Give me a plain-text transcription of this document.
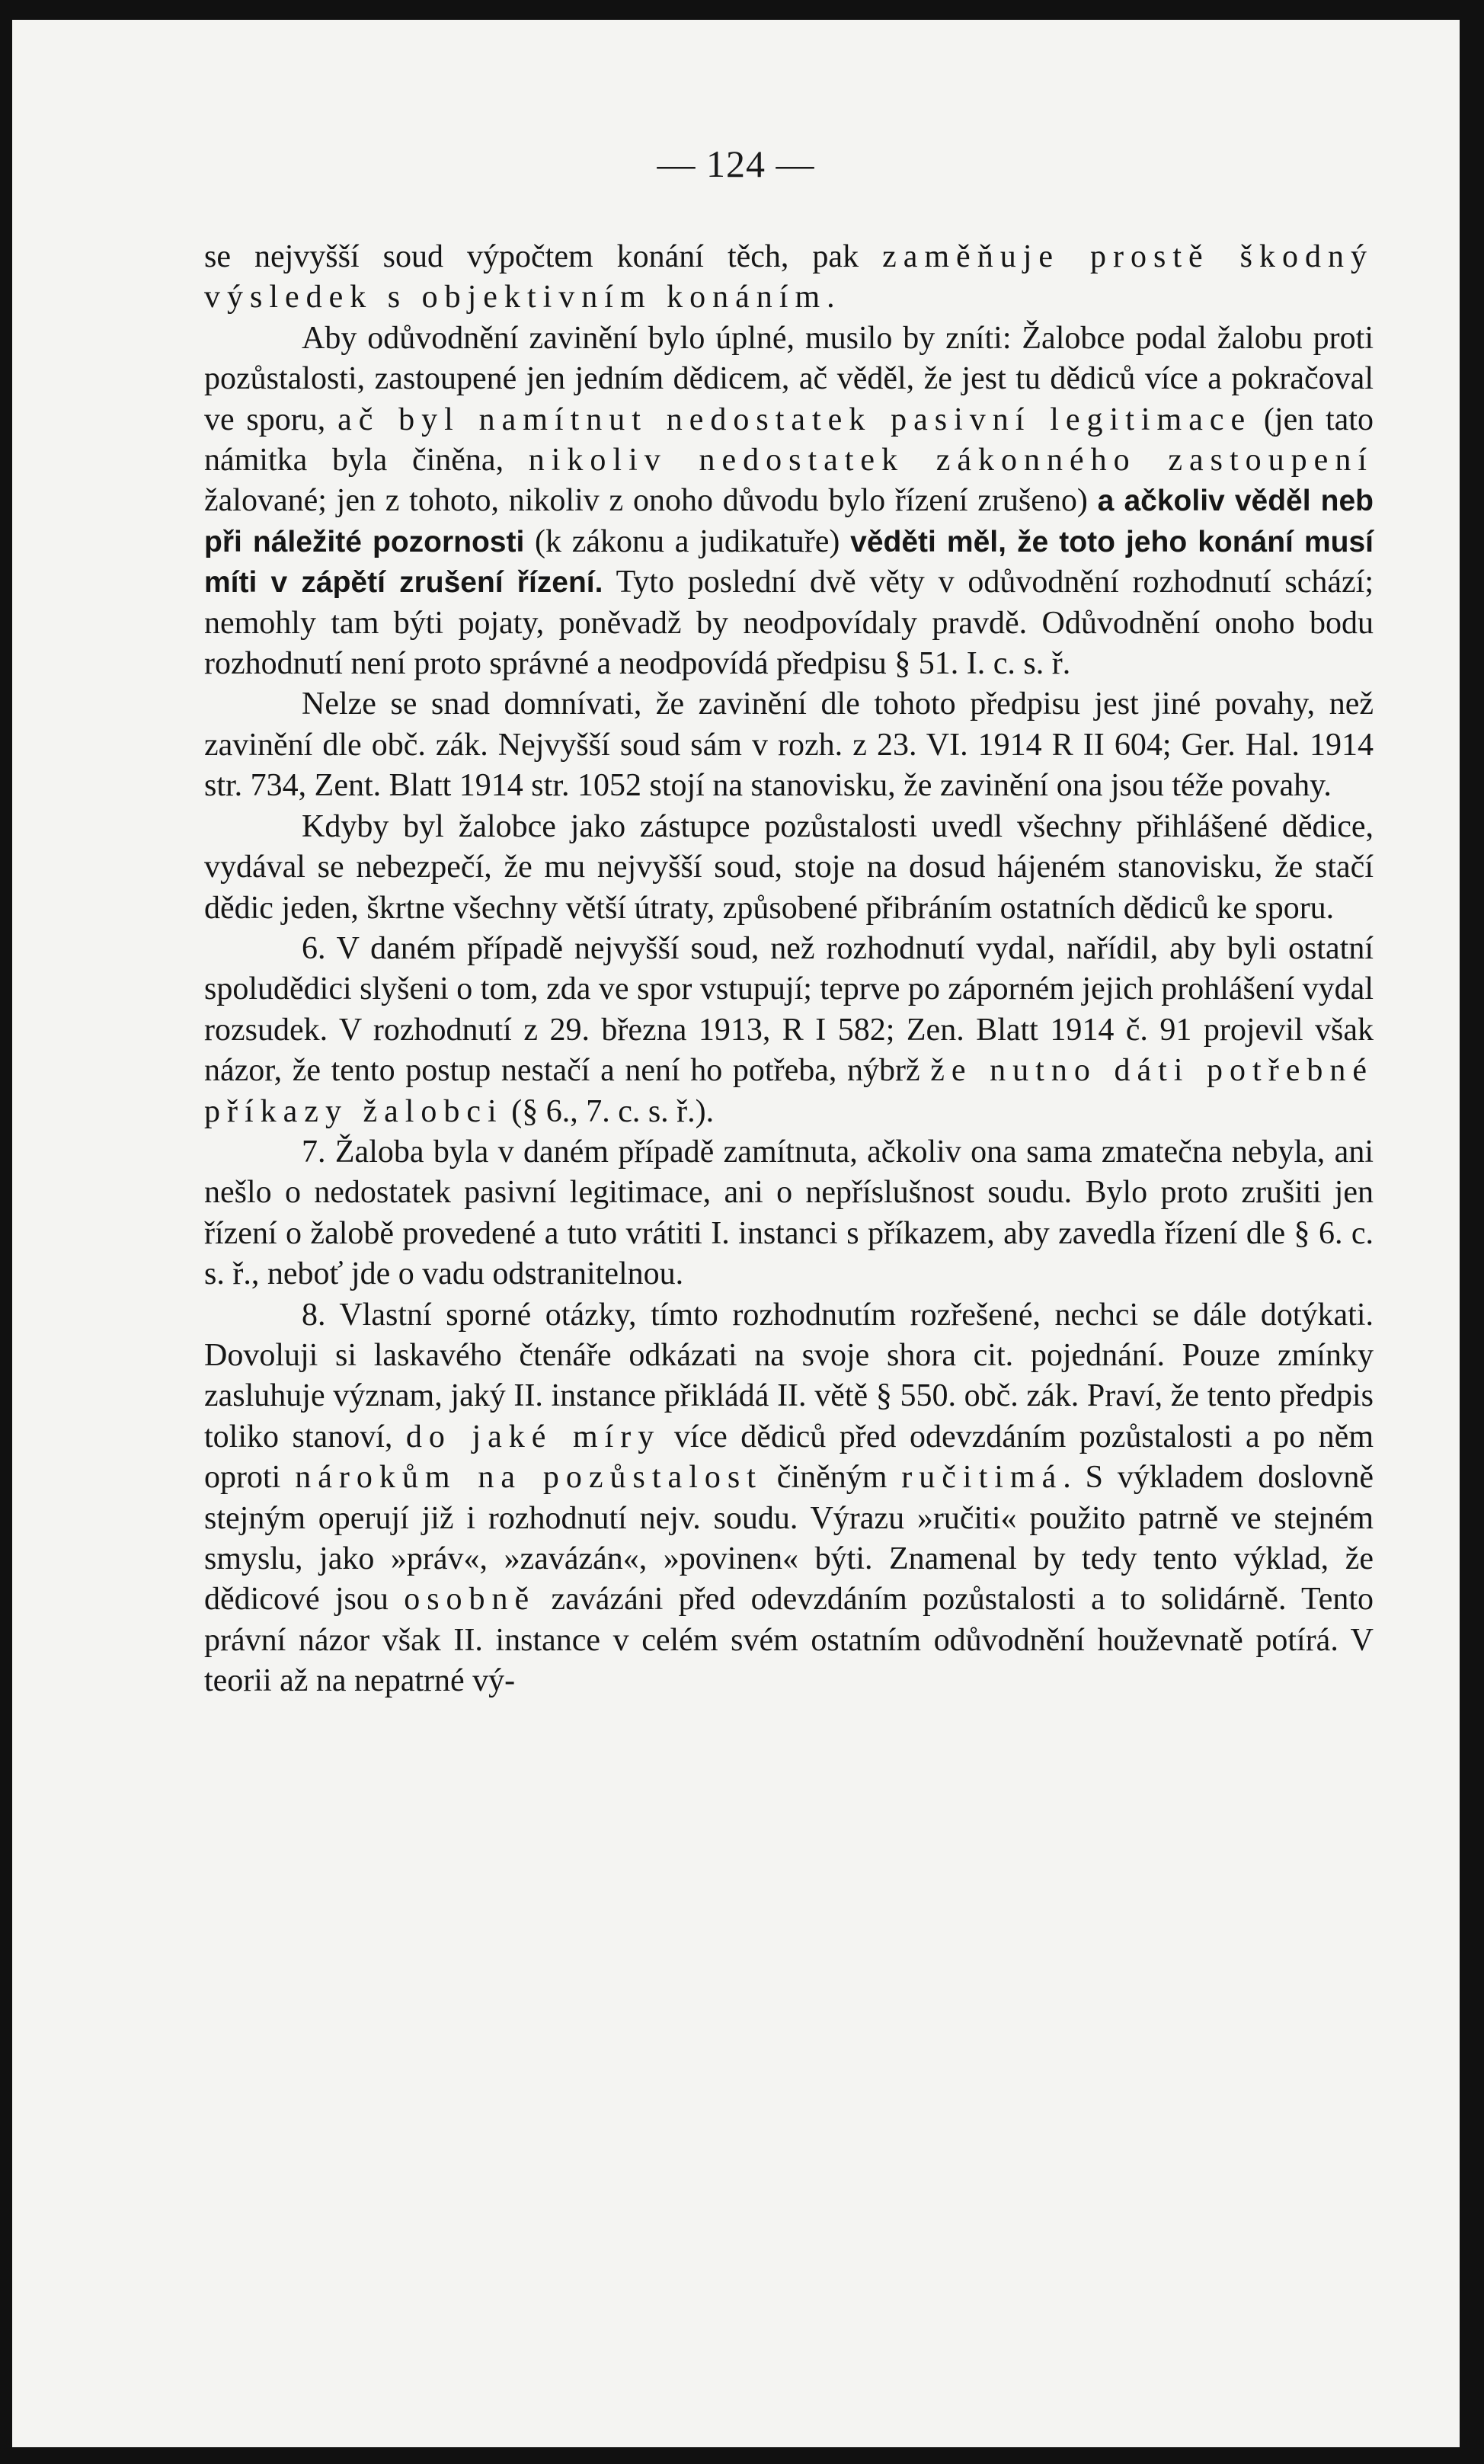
— 124 —

se nejvyšší soud výpočtem konání těch, pak zaměňuje prostě škodný výsledek s objektivním konáním.

Aby odůvodnění zavinění bylo úplné, musilo by zníti: Žalobce podal žalobu proti pozůstalosti, zastoupené jen jedním dědicem, ač věděl, že jest tu dědiců více a pokračoval ve sporu, ač byl namítnut nedostatek pasivní legitimace (jen tato námitka byla činěna, nikoliv nedostatek zákonného zastoupení žalované; jen z tohoto, nikoliv z onoho důvodu bylo řízení zrušeno) a ačkoliv věděl neb při náležité pozornosti (k zákonu a judikatuře) věděti měl, že toto jeho konání musí míti v zápětí zrušení řízení. Tyto poslední dvě věty v odůvodnění rozhodnutí schází; nemohly tam býti pojaty, poněvadž by neodpovídaly pravdě. Odůvodnění onoho bodu rozhodnutí není proto správné a neodpovídá předpisu § 51. I. c. s. ř.

Nelze se snad domnívati, že zavinění dle tohoto předpisu jest jiné povahy, než zavinění dle obč. zák. Nejvyšší soud sám v rozh. z 23. VI. 1914 R II 604; Ger. Hal. 1914 str. 734, Zent. Blatt 1914 str. 1052 stojí na stanovisku, že zavinění ona jsou téže povahy.

Kdyby byl žalobce jako zástupce pozůstalosti uvedl všechny přihlášené dědice, vydával se nebezpečí, že mu nejvyšší soud, stoje na dosud hájeném stanovisku, že stačí dědic jeden, škrtne všechny větší útraty, způsobené přibráním ostatních dědiců ke sporu.

6. V daném případě nejvyšší soud, než rozhodnutí vydal, nařídil, aby byli ostatní spoludědici slyšeni o tom, zda ve spor vstupují; teprve po záporném jejich prohlášení vydal rozsudek. V rozhodnutí z 29. března 1913, R I 582; Zen. Blatt 1914 č. 91 projevil však názor, že tento postup nestačí a není ho potřeba, nýbrž že nutno dáti potřebné příkazy žalobci (§ 6., 7. c. s. ř.).

7. Žaloba byla v daném případě zamítnuta, ačkoliv ona sama zmatečna nebyla, ani nešlo o nedostatek pasivní legitimace, ani o nepříslušnost soudu. Bylo proto zrušiti jen řízení o žalobě provedené a tuto vrátiti I. instanci s příkazem, aby zavedla řízení dle § 6. c. s. ř., neboť jde o vadu odstranitelnou.

8. Vlastní sporné otázky, tímto rozhodnutím rozřešené, nechci se dále dotýkati. Dovoluji si laskavého čtenáře odkázati na svoje shora cit. pojednání. Pouze zmínky zasluhuje význam, jaký II. instance přikládá II. větě § 550. obč. zák. Praví, že tento předpis toliko stanoví, do jaké míry více dědiců před odevzdáním pozůstalosti a po něm oproti nárokům na pozůstalost činěným ručitimá. S výkladem doslovně stejným operují již i rozhodnutí nejv. soudu. Výrazu »ručiti« použito patrně ve stejném smyslu, jako »práv«, »zavázán«, »povinen« býti. Znamenal by tedy tento výklad, že dědicové jsou osobně zavázáni před odevzdáním pozůstalosti a to solidárně. Tento právní názor však II. instance v celém svém ostatním odůvodnění houževnatě potírá. V teorii až na nepatrné vý-
